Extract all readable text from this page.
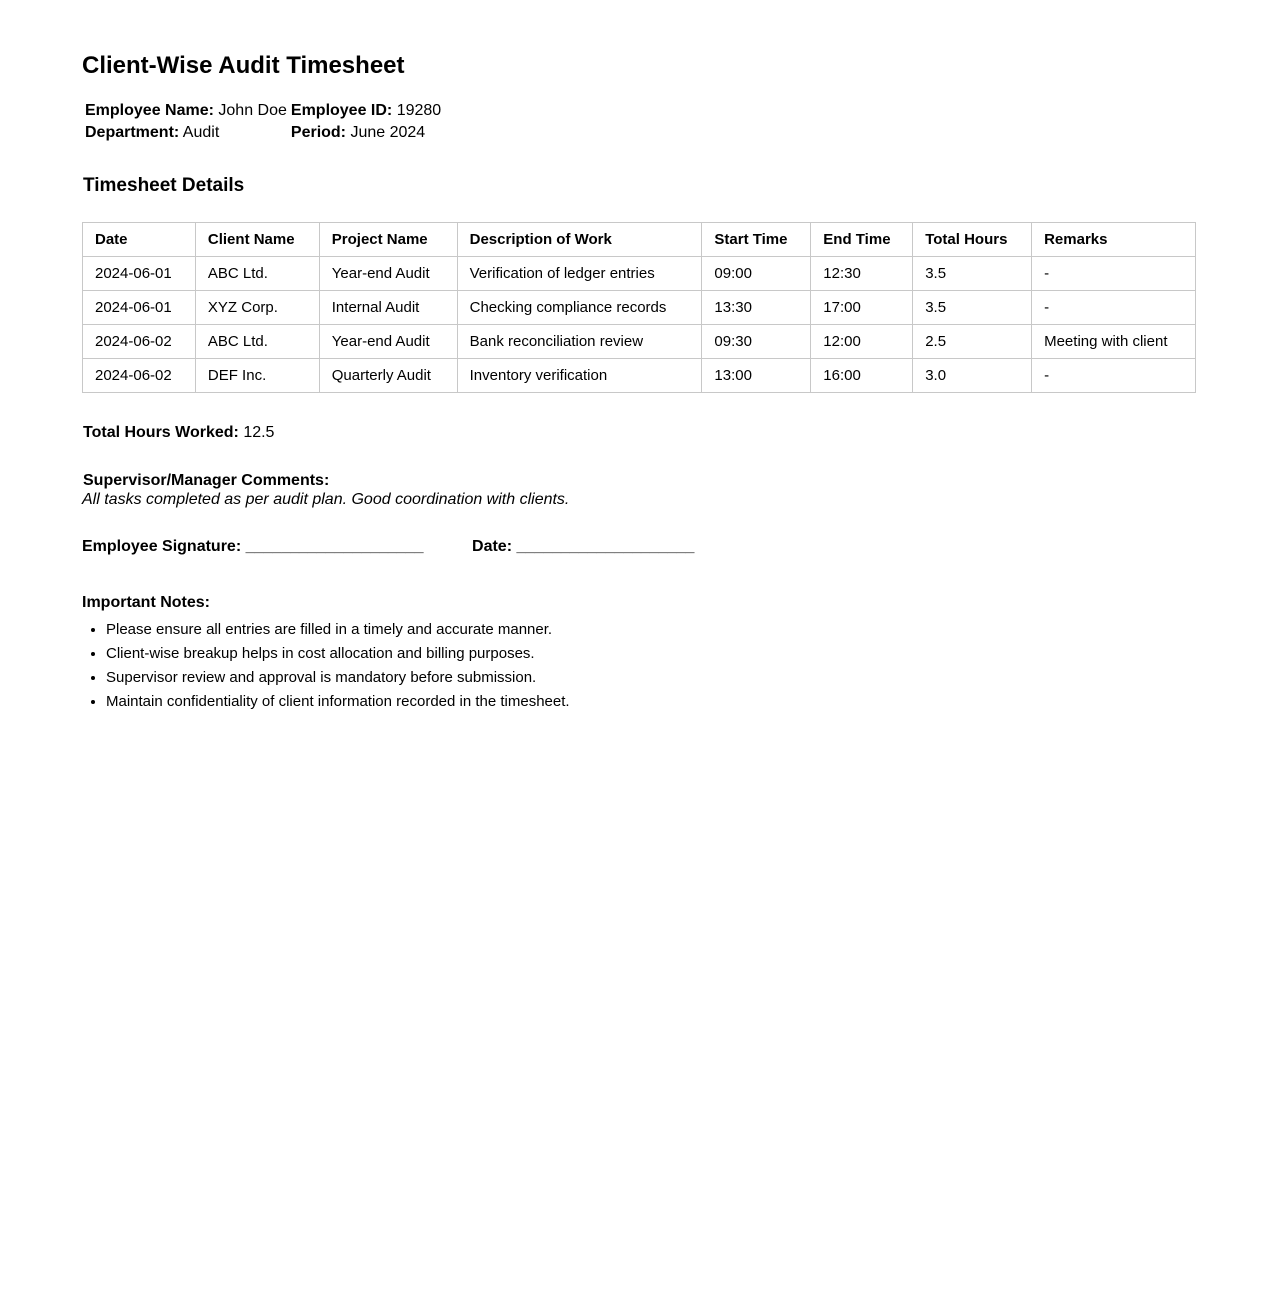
Client-Wise Audit Timesheet
Employee Name: John Doe	Employee ID: 19280
Department: Audit	Period: June 2024
Timesheet Details
Date	Client Name	Project Name	Description of Work	Start Time	End Time	Total Hours	Remarks
2024-06-01	ABC Ltd.	Year-end Audit	Verification of ledger entries	09:00	12:30	3.5	-
2024-06-01	XYZ Corp.	Internal Audit	Checking compliance records	13:30	17:00	3.5	-
2024-06-02	ABC Ltd.	Year-end Audit	Bank reconciliation review	09:30	12:00	2.5	Meeting with client
2024-06-02	DEF Inc.	Quarterly Audit	Inventory verification	13:00	16:00	3.0	-
Total Hours Worked: 12.5
Supervisor/Manager Comments:
All tasks completed as per audit plan. Good coordination with clients.
Employee Signature: ____________________	Date: ____________________
Important Notes:
• Please ensure all entries are filled in a timely and accurate manner.
• Client-wise breakup helps in cost allocation and billing purposes.
• Supervisor review and approval is mandatory before submission.
• Maintain confidentiality of client information recorded in the timesheet.
